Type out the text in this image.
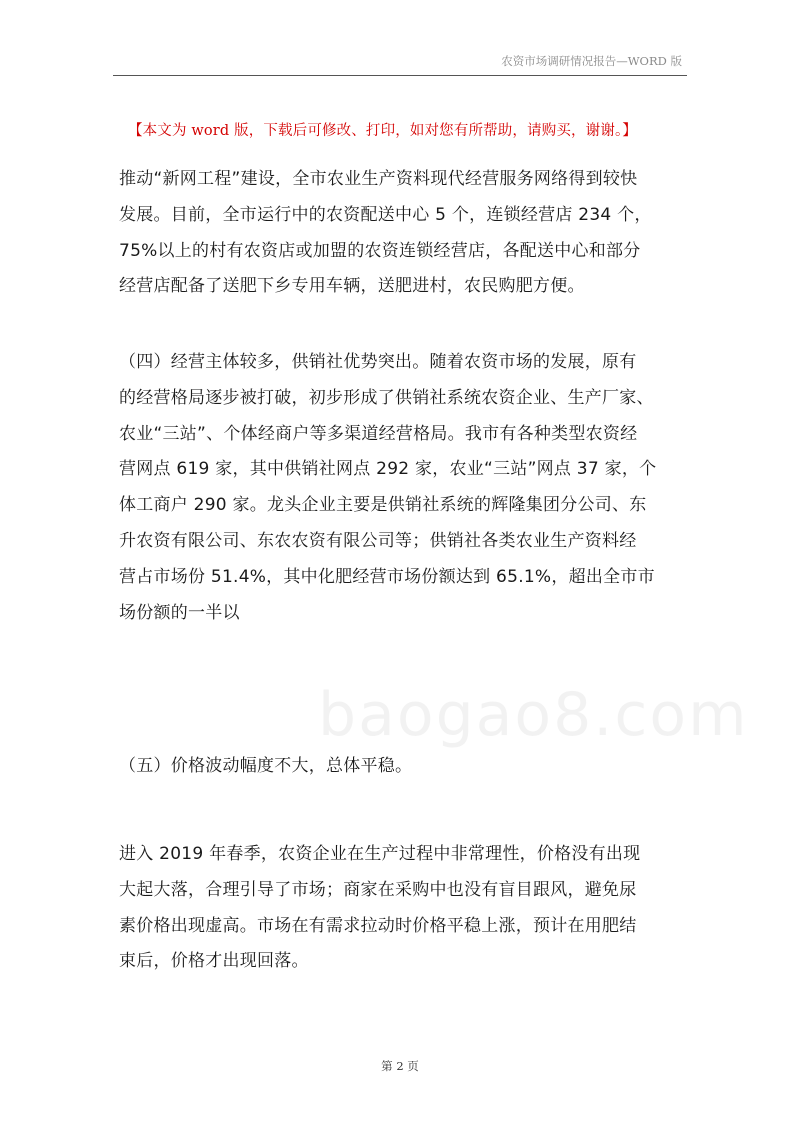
农资市场调研情况报告—WORD 版
【本文为 word 版，下载后可修改、打印，如对您有所帮助，请购买，谢谢。】
推动“新网工程”建设，全市农业生产资料现代经营服务网络得到较快
发展。目前，全市运行中的农资配送中心 5 个，连锁经营店 234 个，
75%以上的村有农资店或加盟的农资连锁经营店，各配送中心和部分
经营店配备了送肥下乡专用车辆，送肥进村，农民购肥方便。
（四）经营主体较多，供销社优势突出。随着农资市场的发展，原有
的经营格局逐步被打破，初步形成了供销社系统农资企业、生产厂家、
农业“三站”、个体经商户等多渠道经营格局。我市有各种类型农资经
营网点 619 家，其中供销社网点 292 家，农业“三站”网点 37 家，个
体工商户 290 家。龙头企业主要是供销社系统的辉隆集团分公司、东
升农资有限公司、东农农资有限公司等；供销社各类农业生产资料经
营占市场份 51.4%，其中化肥经营市场份额达到 65.1%，超出全市市
场份额的一半以
（五）价格波动幅度不大，总体平稳。
进入 2019 年春季，农资企业在生产过程中非常理性，价格没有出现
大起大落，合理引导了市场；商家在采购中也没有盲目跟风，避免尿
素价格出现虚高。市场在有需求拉动时价格平稳上涨，预计在用肥结
束后，价格才出现回落。
baogao8.com
第 2 页
